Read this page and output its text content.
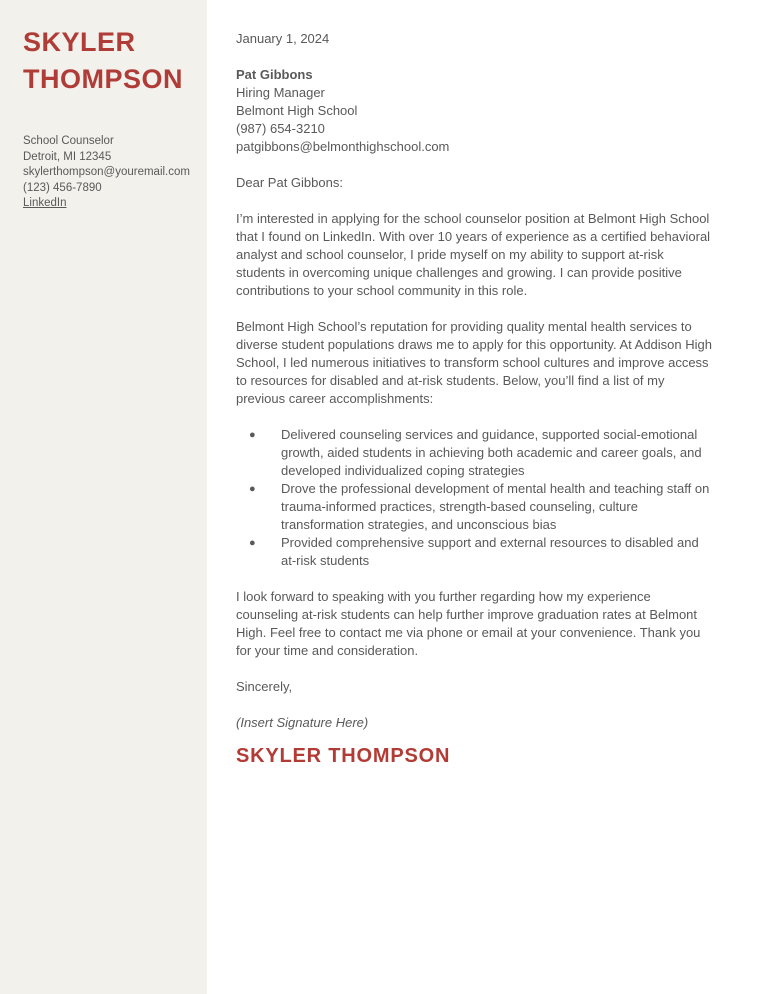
SKYLER
THOMPSON
School Counselor
Detroit, MI 12345
skylerthompson@youremail.com
(123) 456-7890
LinkedIn

January 1, 2024

Pat Gibbons
Hiring Manager
Belmont High School
(987) 654-3210
patgibbons@belmonthighschool.com

Dear Pat Gibbons:

I’m interested in applying for the school counselor position at Belmont High School that I found on LinkedIn. With over 10 years of experience as a certified behavioral analyst and school counselor, I pride myself on my ability to support at-risk students in overcoming unique challenges and growing. I can provide positive contributions to your school community in this role.

Belmont High School’s reputation for providing quality mental health services to diverse student populations draws me to apply for this opportunity. At Addison High School, I led numerous initiatives to transform school cultures and improve access to resources for disabled and at-risk students. Below, you’ll find a list of my previous career accomplishments:

●	Delivered counseling services and guidance, supported social-emotional growth, aided students in achieving both academic and career goals, and developed individualized coping strategies
●	Drove the professional development of mental health and teaching staff on trauma-informed practices, strength-based counseling, culture transformation strategies, and unconscious bias
●	Provided comprehensive support and external resources to disabled and at-risk students

I look forward to speaking with you further regarding how my experience counseling at-risk students can help further improve graduation rates at Belmont High. Feel free to contact me via phone or email at your convenience. Thank you for your time and consideration.

Sincerely,

(Insert Signature Here)

SKYLER THOMPSON
